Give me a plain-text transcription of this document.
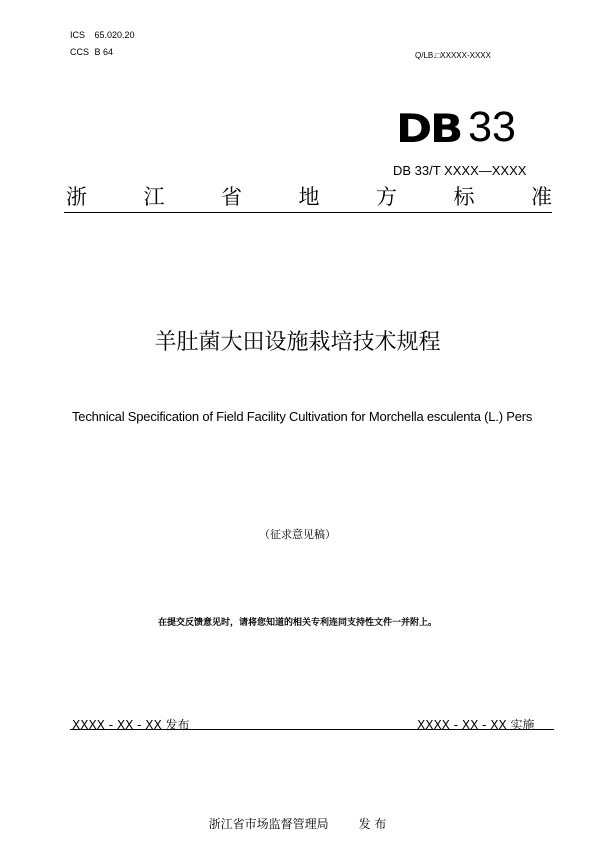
ICS 65.020.20
CCS B 64	Q/LB.□XXXXX-XXXX
DB 33
DB 33/T XXXX—XXXX
浙	江	省	地	方	标	准
羊肚菌大田设施栽培技术规程
Technical Specification of Field Facility Cultivation for Morchella esculenta (L.) Pers
（征求意见稿）
在提交反馈意见时，请将您知道的相关专利连同支持性文件一并附上。
XXXX - XX - XX 发布	XXXX - XX - XX 实施
浙江省市场监督管理局	发 布
